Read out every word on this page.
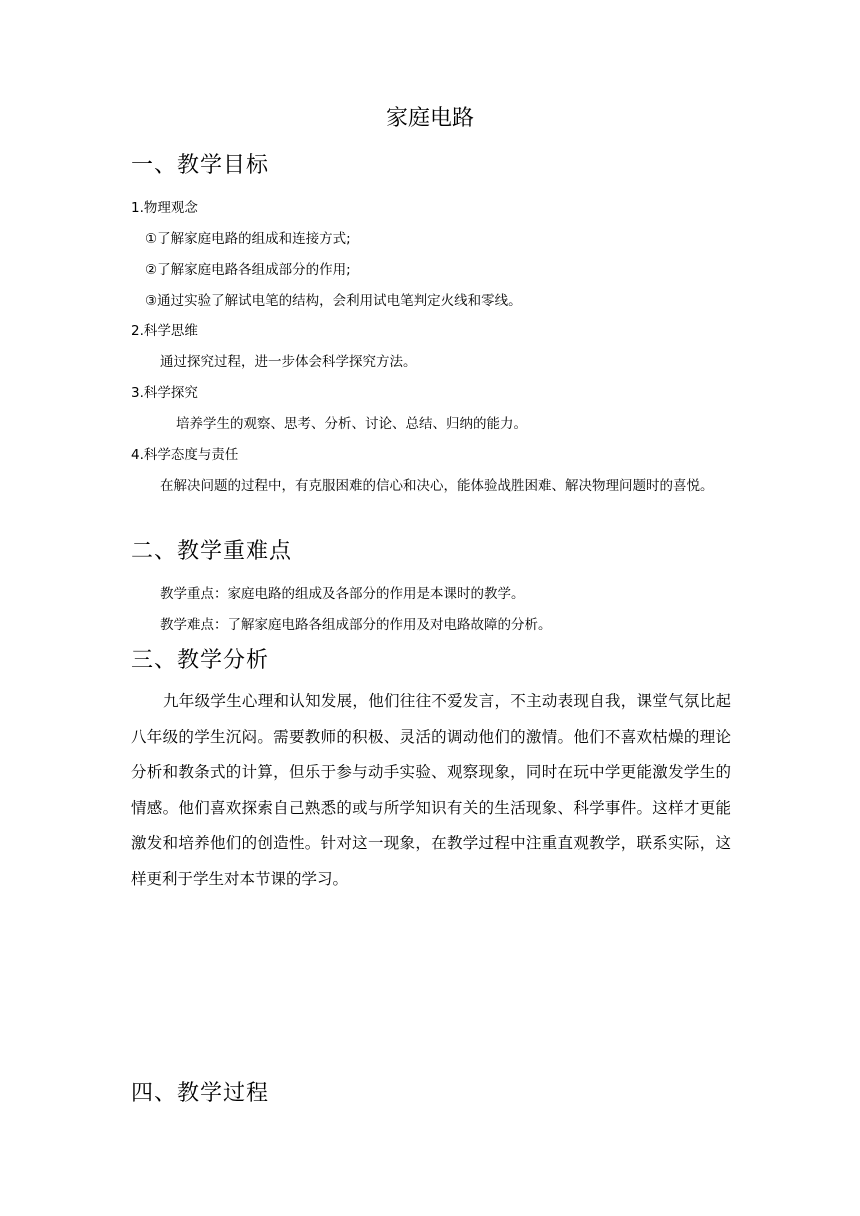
家庭电路
一、教学目标
1.物理观念
①了解家庭电路的组成和连接方式;
②了解家庭电路各组成部分的作用;
③通过实验了解试电笔的结构，会利用试电笔判定火线和零线。
2.科学思维
通过探究过程，进一步体会科学探究方法。
3.科学探究
培养学生的观察、思考、分析、讨论、总结、归纳的能力。
4.科学态度与责任
在解决问题的过程中，有克服困难的信心和决心，能体验战胜困难、解决物理问题时的喜悦。
二、教学重难点
教学重点：家庭电路的组成及各部分的作用是本课时的教学。
教学难点：了解家庭电路各组成部分的作用及对电路故障的分析。
三、教学分析
九年级学生心理和认知发展，他们往往不爱发言，不主动表现自我，课堂气氛比起八年级的学生沉闷。需要教师的积极、灵活的调动他们的激情。他们不喜欢枯燥的理论分析和教条式的计算，但乐于参与动手实验、观察现象，同时在玩中学更能激发学生的情感。他们喜欢探索自己熟悉的或与所学知识有关的生活现象、科学事件。这样才更能激发和培养他们的创造性。针对这一现象，在教学过程中注重直观教学，联系实际，这样更利于学生对本节课的学习。
四、教学过程
